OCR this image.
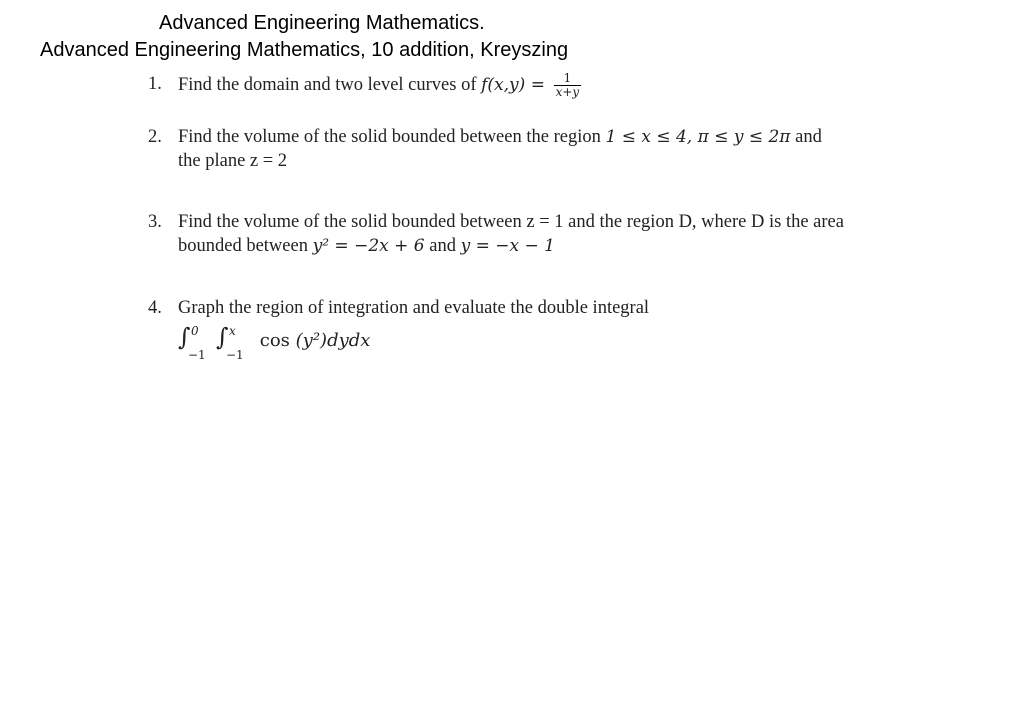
Advanced Engineering Mathematics.
Advanced Engineering Mathematics, 10 addition, Kreyszing
1. Find the domain and two level curves of $f(x,y) = \frac{1}{x+y}$
2. Find the volume of the solid bounded between the region 1 ≤ x ≤ 4, π ≤ y ≤ 2π and
the plane z = 2
3. Find the volume of the solid bounded between z = 1 and the region D, where D is the area
bounded between y² = −2x + 6 and y = −x − 1
4. Graph the region of integration and evaluate the double integral
∫ 0
−1
∫ x
−1
cos (y²)dydx
